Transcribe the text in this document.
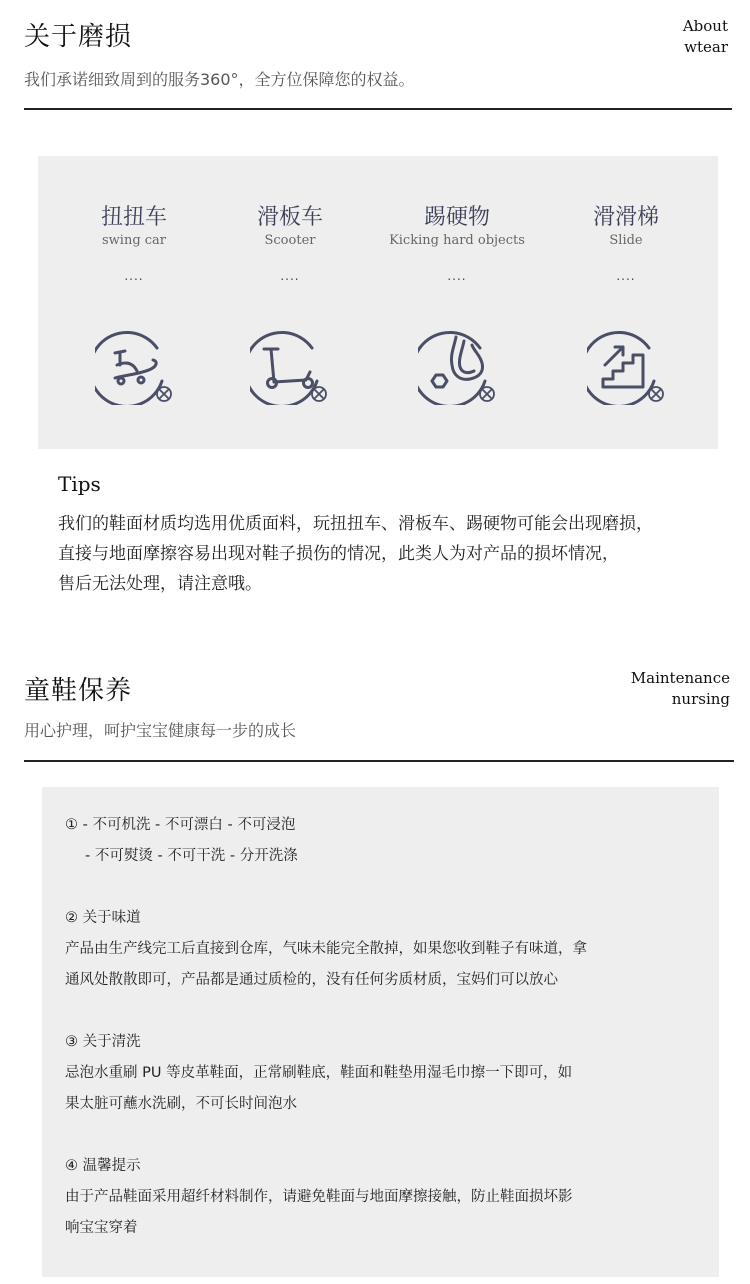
关于磨损	About
wtear
我们承诺细致周到的服务360°，全方位保障您的权益。
扭扭车
swing car
....
滑板车
Scooter
....
踢硬物
Kicking hard objects
....
滑滑梯
Slide
....
Tips
我们的鞋面材质均选用优质面料，玩扭扭车、滑板车、踢硬物可能会出现磨损，
直接与地面摩擦容易出现对鞋子损伤的情况，此类人为对产品的损坏情况，
售后无法处理，请注意哦。
童鞋保养	Maintenance
nursing
用心护理，呵护宝宝健康每一步的成长

① - 不可机洗 - 不可漂白 - 不可浸泡

- 不可熨烫 - 不可干洗 - 分开洗涤

② 关于味道

产品由生产线完工后直接到仓库，气味未能完全散掉，如果您收到鞋子有味道，拿

通风处散散即可，产品都是通过质检的，没有任何劣质材质，宝妈们可以放心

③ 关于清洗

忌泡水重刷 PU 等皮革鞋面，正常刷鞋底，鞋面和鞋垫用湿毛巾擦一下即可，如

果太脏可蘸水洗刷，不可长时间泡水

④ 温馨提示

由于产品鞋面采用超纤材料制作，请避免鞋面与地面摩擦接触，防止鞋面损坏影

响宝宝穿着
